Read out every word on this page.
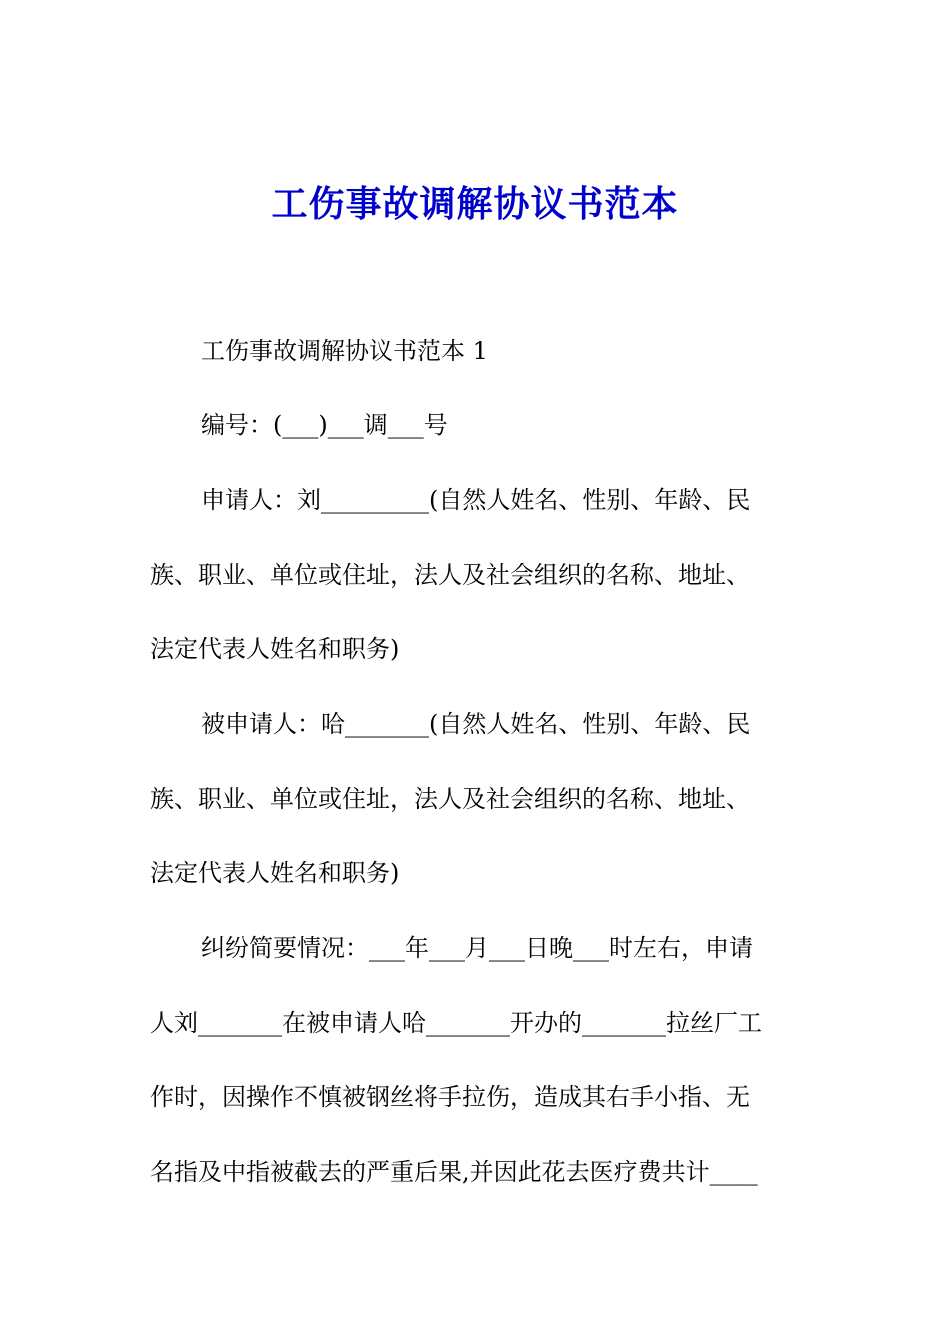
工伤事故调解协议书范本
工伤事故调解协议书范本 1
编号：(___)___调___号
申请人：刘_________(自然人姓名、性别、年龄、民
族、职业、单位或住址，法人及社会组织的名称、地址、
法定代表人姓名和职务)
被申请人：哈_______(自然人姓名、性别、年龄、民
族、职业、单位或住址，法人及社会组织的名称、地址、
法定代表人姓名和职务)
纠纷简要情况：___年___月___日晚___时左右，申请
人刘_______在被申请人哈_______开办的_______拉丝厂工
作时，因操作不慎被钢丝将手拉伤，造成其右手小指、无
名指及中指被截去的严重后果,并因此花去医疗费共计____
